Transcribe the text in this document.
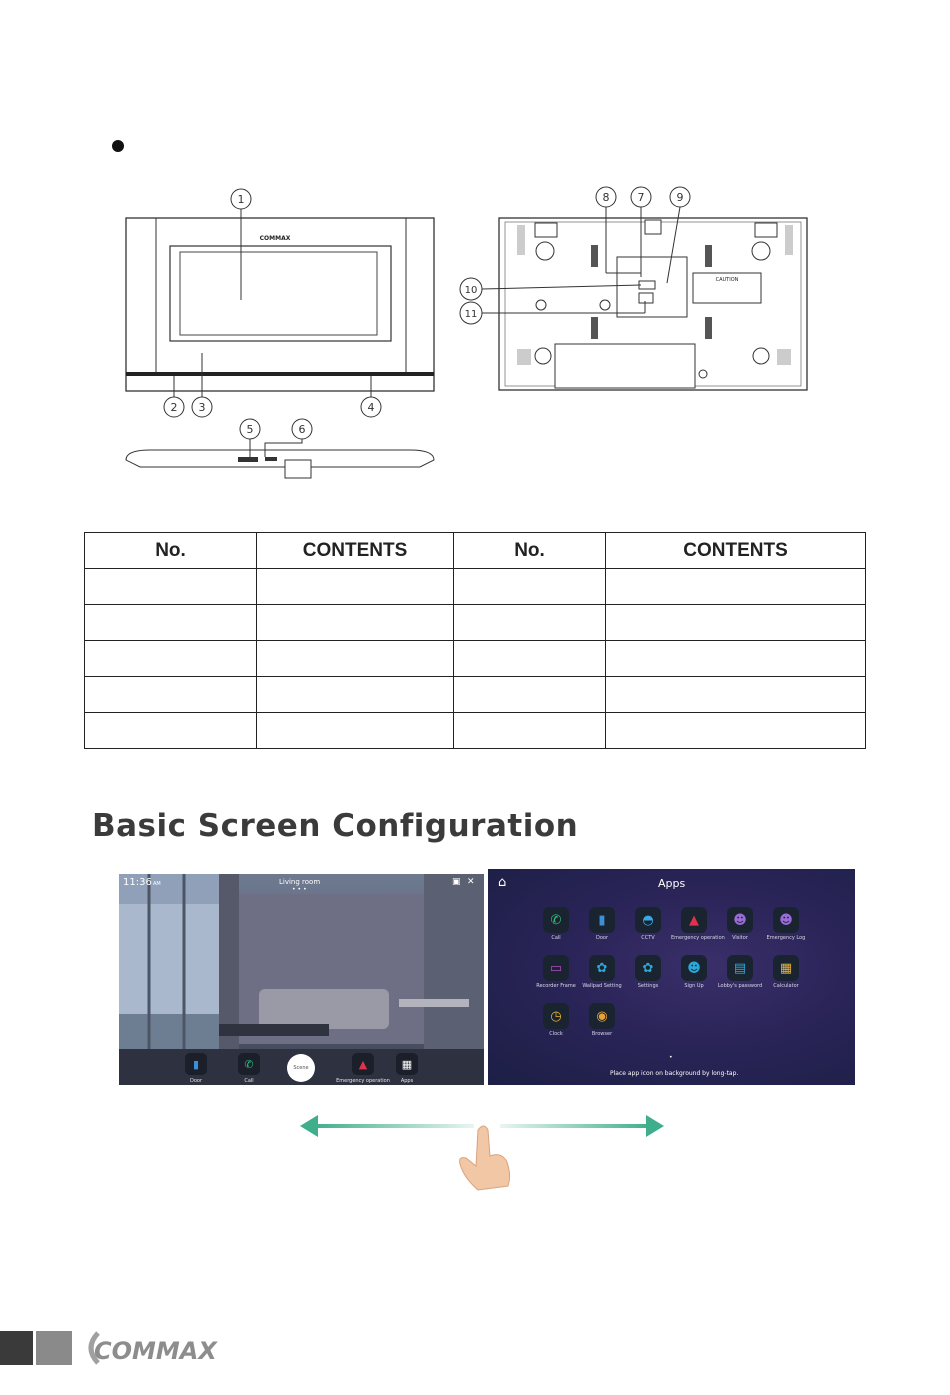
COMMAX
1
2 3	4
5	6
CAUTION
8	7	9
10
11
No.	CONTENTS	No.	CONTENTS

Basic Screen Configuration
11:36 AM	Living room
•••
▣ ✕
▮
Door
✆
Call
Scene	▲
Emergency operation
▦
Apps
⌂	Apps
✆
Call
▮
Door
◓
CCTV
▲
Emergency operation
☻
Visitor
☻
Emergency Log
▭
Recorder Frame
✿
Wallpad Setting
✿
Settings
☻
Sign Up
▤
Lobby's password
▦
Calculator
◷
Clock
◉
Browser
•
Place app icon on background by long-tap.
COMMAX
